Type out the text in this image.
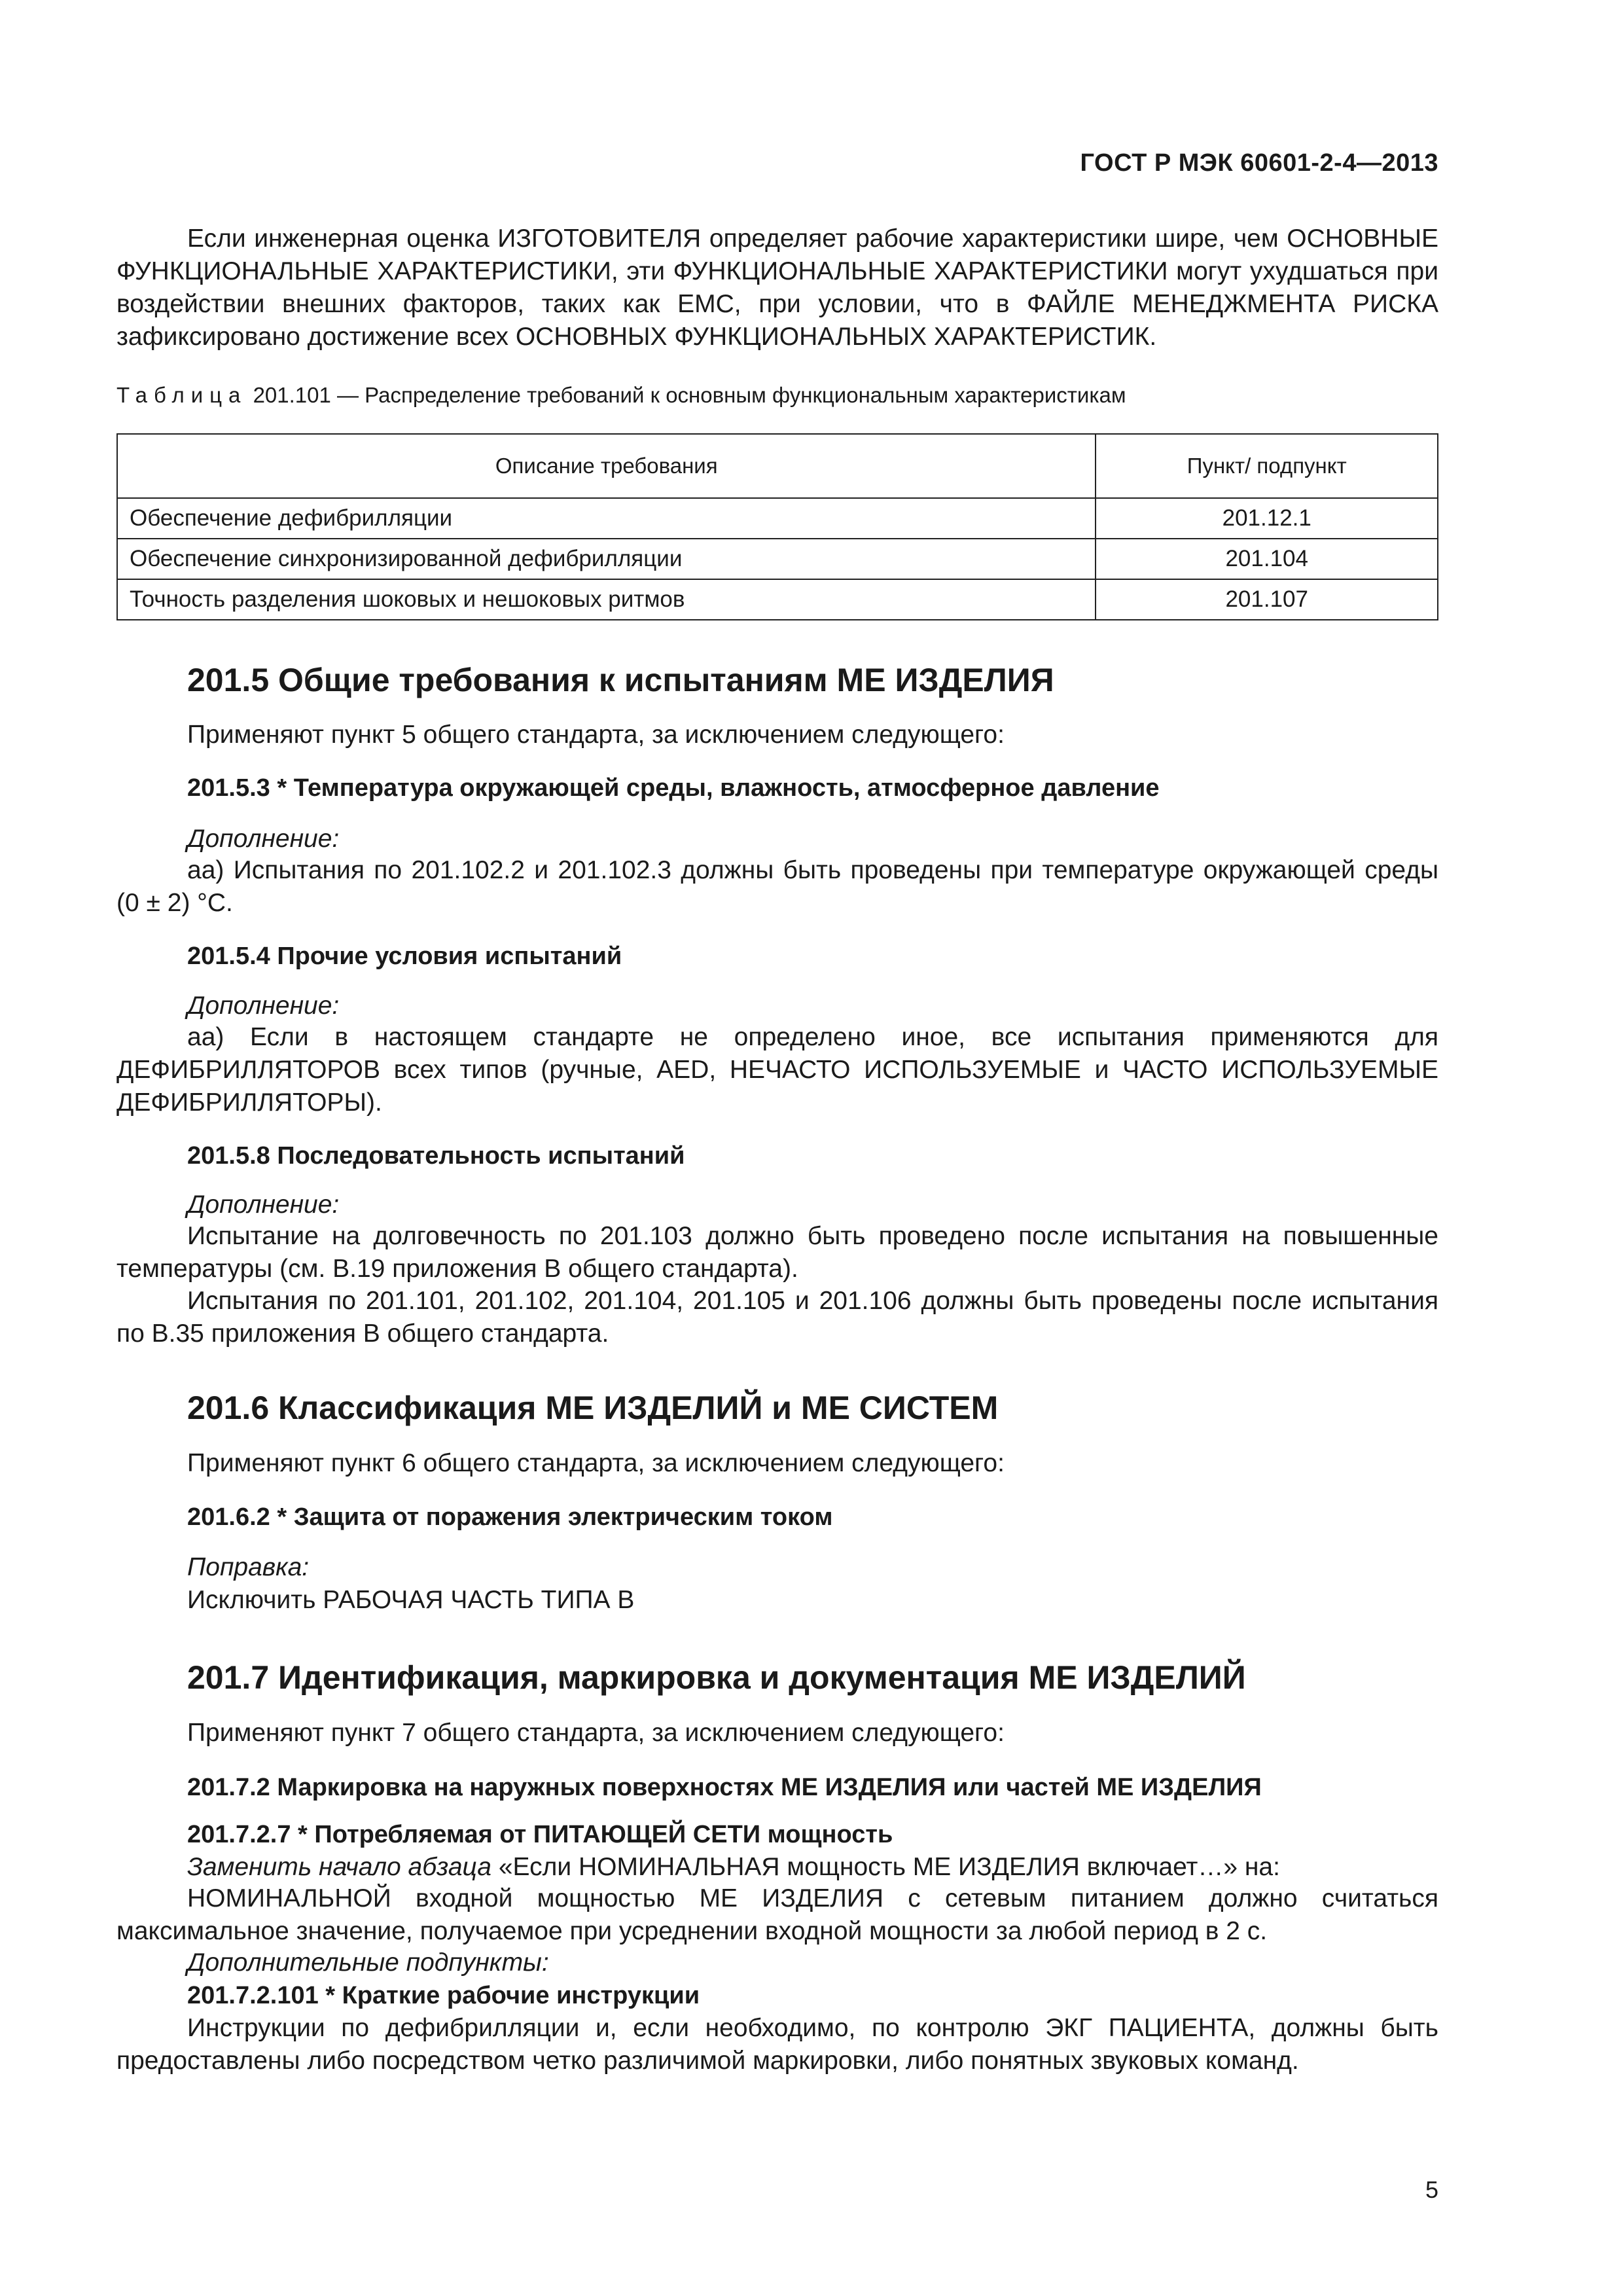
ГОСТ Р МЭК 60601-2-4—2013
Если инженерная оценка ИЗГОТОВИТЕЛЯ определяет рабочие характеристики шире, чем ОСНОВНЫЕ ФУНКЦИОНАЛЬНЫЕ ХАРАКТЕРИСТИКИ, эти ФУНКЦИОНАЛЬНЫЕ ХАРАКТЕРИСТИКИ могут ухудшаться при воздействии внешних факторов, таких как ЕМС, при условии, что в ФАЙЛЕ МЕНЕДЖМЕНТА РИСКА зафиксировано достижение всех ОСНОВНЫХ ФУНКЦИОНАЛЬНЫХ ХАРАКТЕРИСТИК.
Таблица 201.101 — Распределение требований к основным функциональным характеристикам
Описание требования	Пункт/ подпункт
Обеспечение дефибрилляции	201.12.1
Обеспечение синхронизированной дефибрилляции	201.104
Точность разделения шоковых и нешоковых ритмов	201.107
201.5 Общие требования к испытаниям МЕ ИЗДЕЛИЯ
Применяют пункт 5 общего стандарта, за исключением следующего:
201.5.3 * Температура окружающей среды, влажность, атмосферное давление
Дополнение:
аа) Испытания по 201.102.2 и 201.102.3 должны быть проведены при температуре окружающей среды (0 ± 2) °С.
201.5.4 Прочие условия испытаний
Дополнение:
аа) Если в настоящем стандарте не определено иное, все испытания применяются для ДЕФИБРИЛЛЯТОРОВ всех типов (ручные, AED, НЕЧАСТО ИСПОЛЬЗУЕМЫЕ и ЧАСТО ИСПОЛЬЗУЕМЫЕ ДЕФИБРИЛЛЯТОРЫ).
201.5.8 Последовательность испытаний
Дополнение:
Испытание на долговечность по 201.103 должно быть проведено после испытания на повышенные температуры (см. В.19 приложения В общего стандарта).
Испытания по 201.101, 201.102, 201.104, 201.105 и 201.106 должны быть проведены после испытания по В.35 приложения В общего стандарта.
201.6 Классификация МЕ ИЗДЕЛИЙ и МЕ СИСТЕМ
Применяют пункт 6 общего стандарта, за исключением следующего:
201.6.2 * Защита от поражения электрическим током
Поправка:
Исключить РАБОЧАЯ ЧАСТЬ ТИПА В
201.7 Идентификация, маркировка и документация МЕ ИЗДЕЛИЙ
Применяют пункт 7 общего стандарта, за исключением следующего:
201.7.2 Маркировка на наружных поверхностях МЕ ИЗДЕЛИЯ или частей МЕ ИЗДЕЛИЯ
201.7.2.7 * Потребляемая от ПИТАЮЩЕЙ СЕТИ мощность
Заменить начало абзаца «Если НОМИНАЛЬНАЯ мощность МЕ ИЗДЕЛИЯ включает…» на:
НОМИНАЛЬНОЙ входной мощностью МЕ ИЗДЕЛИЯ с сетевым питанием должно считаться максимальное значение, получаемое при усреднении входной мощности за любой период в 2 с.
Дополнительные подпункты:
201.7.2.101 * Краткие рабочие инструкции
Инструкции по дефибрилляции и, если необходимо, по контролю ЭКГ ПАЦИЕНТА, должны быть предоставлены либо посредством четко различимой маркировки, либо понятных звуковых команд.
5
